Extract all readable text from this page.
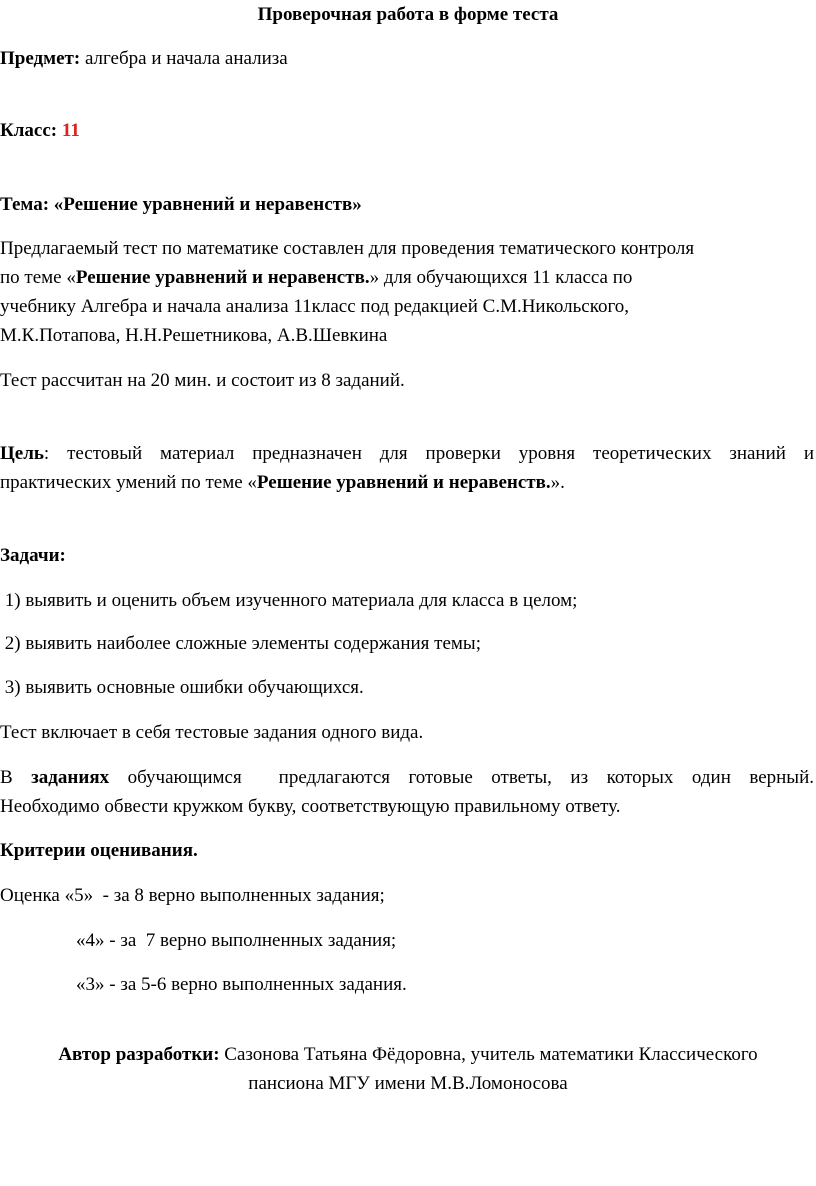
Проверочная работа в форме теста
Предмет: алгебра и начала анализа
Класс: 11
Тема: «Решение уравнений и неравенств»
Предлагаемый тест по математике составлен для проведения тематического контроля
по теме «Решение уравнений и неравенств.» для обучающихся 11 класса по
учебнику Алгебра и начала анализа 11класс под редакцией С.М.Никольского,
М.К.Потапова, Н.Н.Решетникова, А.В.Шевкина
Тест рассчитан на 20 мин. и состоит из 8 заданий.
Цель: тестовый материал предназначен для проверки уровня теоретических знаний и
практических умений по теме «Решение уравнений и неравенств.».
Задачи:
1) выявить и оценить объем изученного материала для класса в целом;
2) выявить наиболее сложные элементы содержания темы;
3) выявить основные ошибки обучающихся.
Тест включает в себя тестовые задания одного вида.
В заданиях обучающимся  предлагаются готовые ответы, из которых один верный.
Необходимо обвести кружком букву, соответствующую правильному ответу.
Критерии оценивания.
Оценка «5»  - за 8 верно выполненных задания;
«4» - за  7 верно выполненных задания;
«3» - за 5-6 верно выполненных задания.
Автор разработки: Сазонова Татьяна Фёдоровна, учитель математики Классического
пансиона МГУ имени М.В.Ломоносова
